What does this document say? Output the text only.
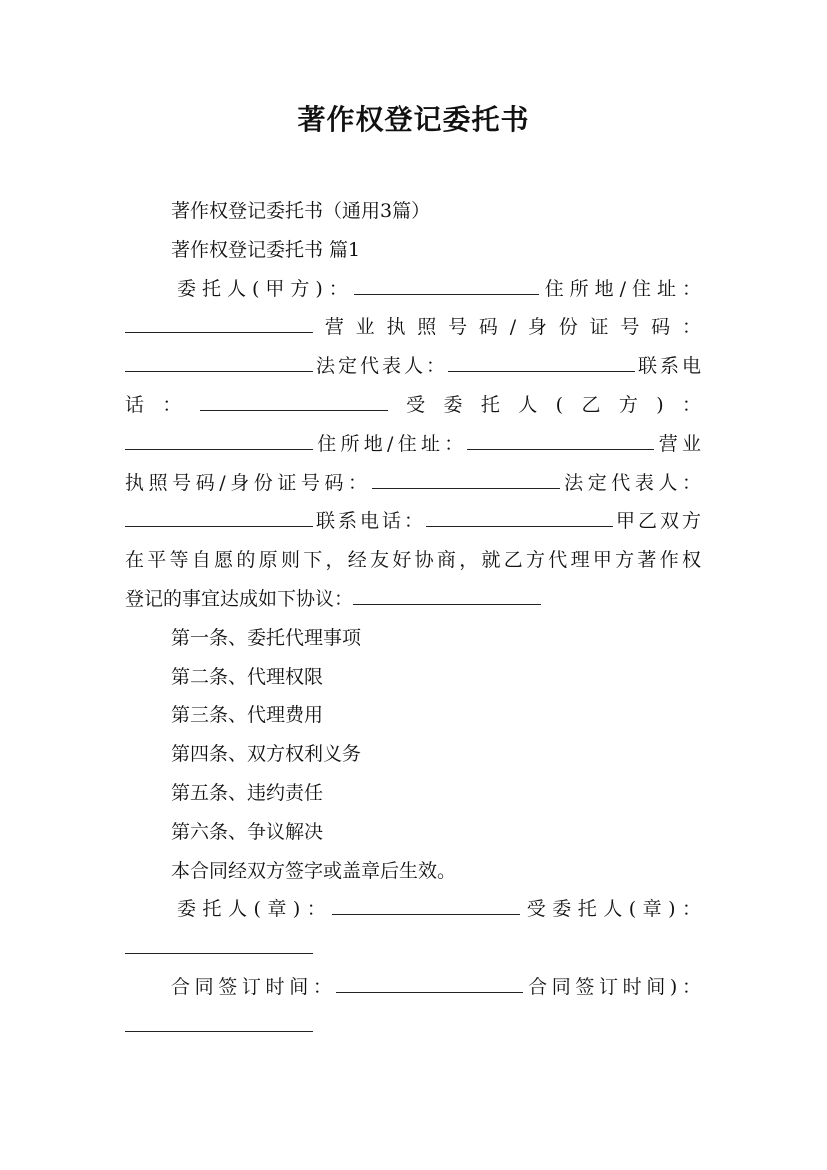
著作权登记委托书

著作权登记委托书（通用3篇）

著作权登记委托书 篇1

委托人(甲方)：	住所地/住址：

营业执照号码/身份证号码：

法定代表人：	联系电

话：	受委托人(乙方)：

住所地/住址：	营业

执照号码/身份证号码：	法定代表人：

联系电话：	甲乙双方

在平等自愿的原则下，经友好协商，就乙方代理甲方著作权

登记的事宜达成如下协议：

第一条、委托代理事项

第二条、代理权限

第三条、代理费用

第四条、双方权利义务

第五条、违约责任

第六条、争议解决

本合同经双方签字或盖章后生效。

委托人(章)：	受委托人(章)：

合同签订时间：	合同签订时间)：
